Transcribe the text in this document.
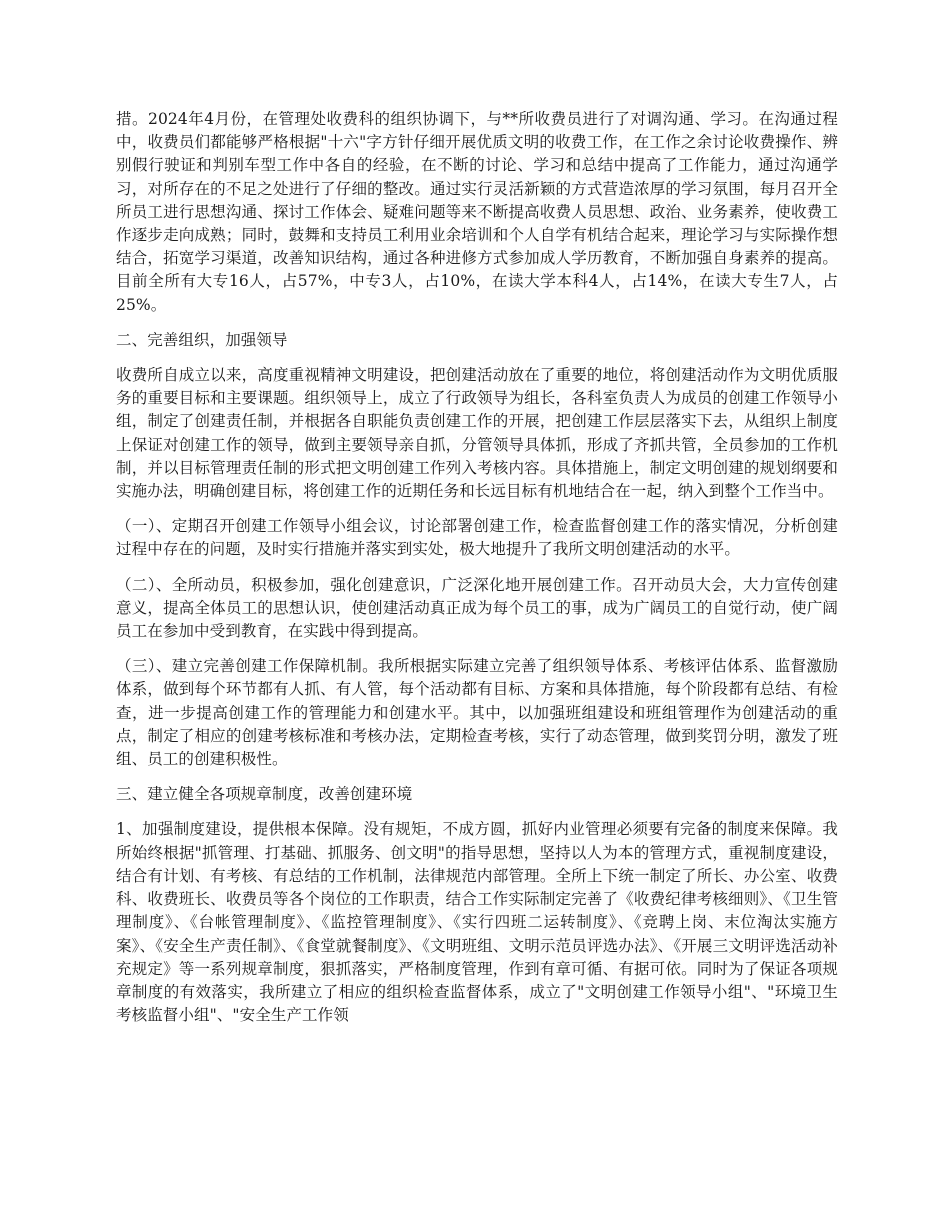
措。2024年4月份，在管理处收费科的组织协调下，与**所收费员进行了对调沟通、学习。在沟通过程中，收费员们都能够严格根据"十六"字方针仔细开展优质文明的收费工作，在工作之余讨论收费操作、辨别假行驶证和判别车型工作中各自的经验，在不断的讨论、学习和总结中提高了工作能力，通过沟通学习，对所存在的不足之处进行了仔细的整改。通过实行灵活新颖的方式营造浓厚的学习氛围，每月召开全所员工进行思想沟通、探讨工作体会、疑难问题等来不断提高收费人员思想、政治、业务素养，使收费工作逐步走向成熟；同时，鼓舞和支持员工利用业余培训和个人自学有机结合起来，理论学习与实际操作想结合，拓宽学习渠道，改善知识结构，通过各种进修方式参加成人学历教育，不断加强自身素养的提高。目前全所有大专16人，占57%，中专3人，占10%，在读大学本科4人，占14%，在读大专生7人，占25%。

二、完善组织，加强领导

收费所自成立以来，高度重视精神文明建设，把创建活动放在了重要的地位，将创建活动作为文明优质服务的重要目标和主要课题。组织领导上，成立了行政领导为组长，各科室负责人为成员的创建工作领导小组，制定了创建责任制，并根据各自职能负责创建工作的开展，把创建工作层层落实下去，从组织上制度上保证对创建工作的领导，做到主要领导亲自抓，分管领导具体抓，形成了齐抓共管，全员参加的工作机制，并以目标管理责任制的形式把文明创建工作列入考核内容。具体措施上，制定文明创建的规划纲要和实施办法，明确创建目标，将创建工作的近期任务和长远目标有机地结合在一起，纳入到整个工作当中。

（一）、定期召开创建工作领导小组会议，讨论部署创建工作，检查监督创建工作的落实情况，分析创建过程中存在的问题，及时实行措施并落实到实处，极大地提升了我所文明创建活动的水平。

（二）、全所动员，积极参加，强化创建意识，广泛深化地开展创建工作。召开动员大会，大力宣传创建意义，提高全体员工的思想认识，使创建活动真正成为每个员工的事，成为广阔员工的自觉行动，使广阔员工在参加中受到教育，在实践中得到提高。

（三）、建立完善创建工作保障机制。我所根据实际建立完善了组织领导体系、考核评估体系、监督激励体系，做到每个环节都有人抓、有人管，每个活动都有目标、方案和具体措施，每个阶段都有总结、有检查，进一步提高创建工作的管理能力和创建水平。其中，以加强班组建设和班组管理作为创建活动的重点，制定了相应的创建考核标准和考核办法，定期检查考核，实行了动态管理，做到奖罚分明，激发了班组、员工的创建积极性。

三、建立健全各项规章制度，改善创建环境

1、加强制度建设，提供根本保障。没有规矩，不成方圆，抓好内业管理必须要有完备的制度来保障。我所始终根据"抓管理、打基础、抓服务、创文明"的指导思想，坚持以人为本的管理方式，重视制度建设，结合有计划、有考核、有总结的工作机制，法律规范内部管理。全所上下统一制定了所长、办公室、收费科、收费班长、收费员等各个岗位的工作职责，结合工作实际制定完善了《收费纪律考核细则》、《卫生管理制度》、《台帐管理制度》、《监控管理制度》、《实行四班二运转制度》、《竞聘上岗、末位淘汰实施方案》、《安全生产责任制》、《食堂就餐制度》、《文明班组、文明示范员评选办法》、《开展三文明评选活动补充规定》等一系列规章制度，狠抓落实，严格制度管理，作到有章可循、有据可依。同时为了保证各项规章制度的有效落实，我所建立了相应的组织检查监督体系，成立了"文明创建工作领导小组"、"环境卫生考核监督小组"、"安全生产工作领
